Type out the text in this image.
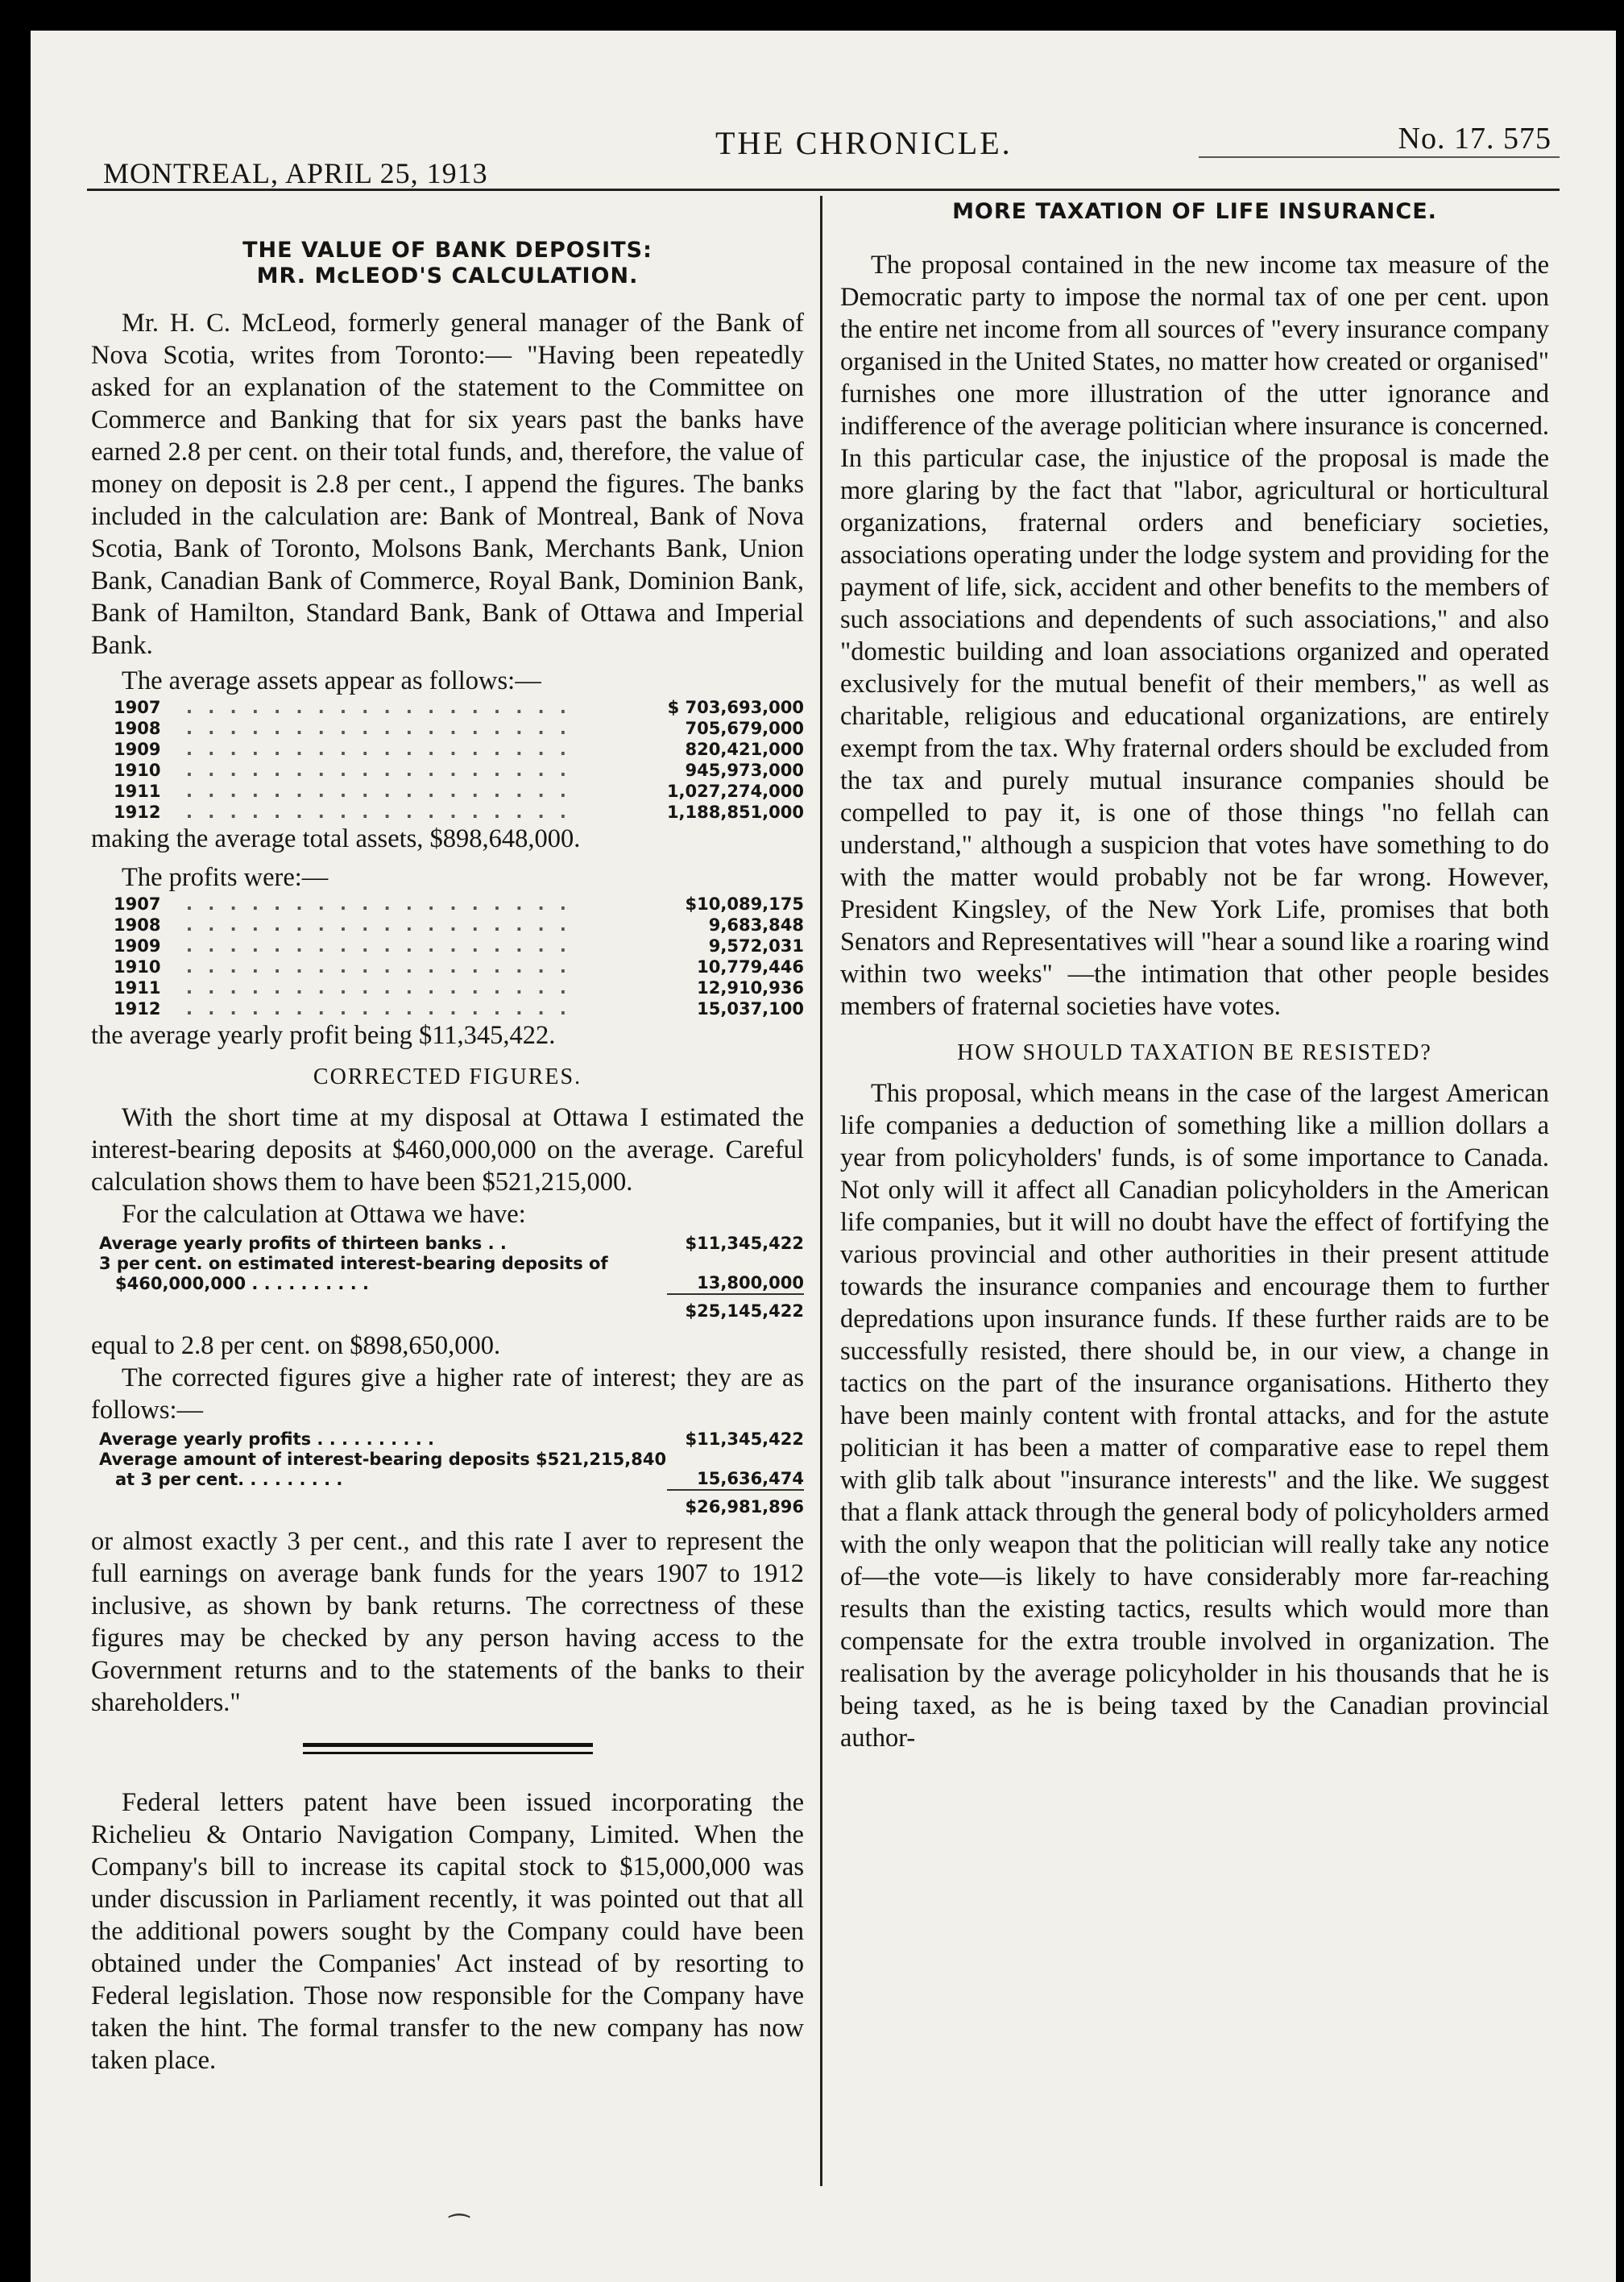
MONTREAL, APRIL 25, 1913
THE CHRONICLE.	No. 17. 575
THE VALUE OF BANK DEPOSITS:
MR. McLEOD'S CALCULATION.

Mr. H. C. McLeod, formerly general manager of the Bank of Nova Scotia, writes from Toronto:— "Having been repeatedly asked for an explanation of the statement to the Committee on Commerce and Banking that for six years past the banks have earned 2.8 per cent. on their total funds, and, therefore, the value of money on deposit is 2.8 per cent., I append the figures. The banks included in the calculation are: Bank of Montreal, Bank of Nova Scotia, Bank of Toronto, Molsons Bank, Merchants Bank, Union Bank, Canadian Bank of Commerce, Royal Bank, Dominion Bank, Bank of Hamilton, Standard Bank, Bank of Ottawa and Imperial Bank.

The average assets appear as follows:—

1907	. . . . . . . . . . . . . . . . . .	$ 703,693,000
1908	. . . . . . . . . . . . . . . . . .	705,679,000
1909	. . . . . . . . . . . . . . . . . .	820,421,000
1910	. . . . . . . . . . . . . . . . . .	945,973,000
1911	. . . . . . . . . . . . . . . . . .	1,027,274,000
1912	. . . . . . . . . . . . . . . . . .	1,188,851,000

making the average total assets, $898,648,000.

The profits were:—

1907	. . . . . . . . . . . . . . . . . .	$10,089,175
1908	. . . . . . . . . . . . . . . . . .	9,683,848
1909	. . . . . . . . . . . . . . . . . .	9,572,031
1910	. . . . . . . . . . . . . . . . . .	10,779,446
1911	. . . . . . . . . . . . . . . . . .	12,910,936
1912	. . . . . . . . . . . . . . . . . .	15,037,100

the average yearly profit being $11,345,422.

CORRECTED FIGURES.

With the short time at my disposal at Ottawa I estimated the interest-bearing deposits at $460,000,000 on the average. Careful calculation shows them to have been $521,215,000.

For the calculation at Ottawa we have:

Average yearly profits of thirteen banks . .	$11,345,422
3 per cent. on estimated interest-bearing deposits of $460,000,000 . . . . . . . . . .	13,800,000
	$25,145,422

equal to 2.8 per cent. on $898,650,000.

The corrected figures give a higher rate of interest; they are as follows:—

Average yearly profits . . . . . . . . . .	$11,345,422
Average amount of interest-bearing deposits $521,215,840 at 3 per cent. . . . . . . . .	15,636,474
	$26,981,896

or almost exactly 3 per cent., and this rate I aver to represent the full earnings on average bank funds for the years 1907 to 1912 inclusive, as shown by bank returns. The correctness of these figures may be checked by any person having access to the Government returns and to the statements of the banks to their shareholders."

Federal letters patent have been issued incorporating the Richelieu & Ontario Navigation Company, Limited. When the Company's bill to increase its capital stock to $15,000,000 was under discussion in Parliament recently, it was pointed out that all the additional powers sought by the Company could have been obtained under the Companies' Act instead of by resorting to Federal legislation. Those now responsible for the Company have taken the hint. The formal transfer to the new company has now taken place.

MORE TAXATION OF LIFE INSURANCE.

The proposal contained in the new income tax measure of the Democratic party to impose the normal tax of one per cent. upon the entire net income from all sources of "every insurance company organised in the United States, no matter how created or organised" furnishes one more illustration of the utter ignorance and indifference of the average politician where insurance is concerned. In this particular case, the injustice of the proposal is made the more glaring by the fact that "labor, agricultural or horticultural organizations, fraternal orders and beneficiary societies, associations operating under the lodge system and providing for the payment of life, sick, accident and other benefits to the members of such associations and dependents of such associations," and also "domestic building and loan associations organized and operated exclusively for the mutual benefit of their members," as well as charitable, religious and educational organizations, are entirely exempt from the tax. Why fraternal orders should be excluded from the tax and purely mutual insurance companies should be compelled to pay it, is one of those things "no fellah can understand," although a suspicion that votes have something to do with the matter would probably not be far wrong. However, President Kingsley, of the New York Life, promises that both Senators and Representatives will "hear a sound like a roaring wind within two weeks" —the intimation that other people besides members of fraternal societies have votes.

HOW SHOULD TAXATION BE RESISTED?

This proposal, which means in the case of the largest American life companies a deduction of something like a million dollars a year from policyholders' funds, is of some importance to Canada. Not only will it affect all Canadian policyholders in the American life companies, but it will no doubt have the effect of fortifying the various provincial and other authorities in their present attitude towards the insurance companies and encourage them to further depredations upon insurance funds. If these further raids are to be successfully resisted, there should be, in our view, a change in tactics on the part of the insurance organisations. Hitherto they have been mainly content with frontal attacks, and for the astute politician it has been a matter of comparative ease to repel them with glib talk about "insurance interests" and the like. We suggest that a flank attack through the general body of policyholders armed with the only weapon that the politician will really take any notice of—the vote—is likely to have considerably more far-reaching results than the existing tactics, results which would more than compensate for the extra trouble involved in organization. The realisation by the average policyholder in his thousands that he is being taxed, as he is being taxed by the Canadian provincial author-

⁀
